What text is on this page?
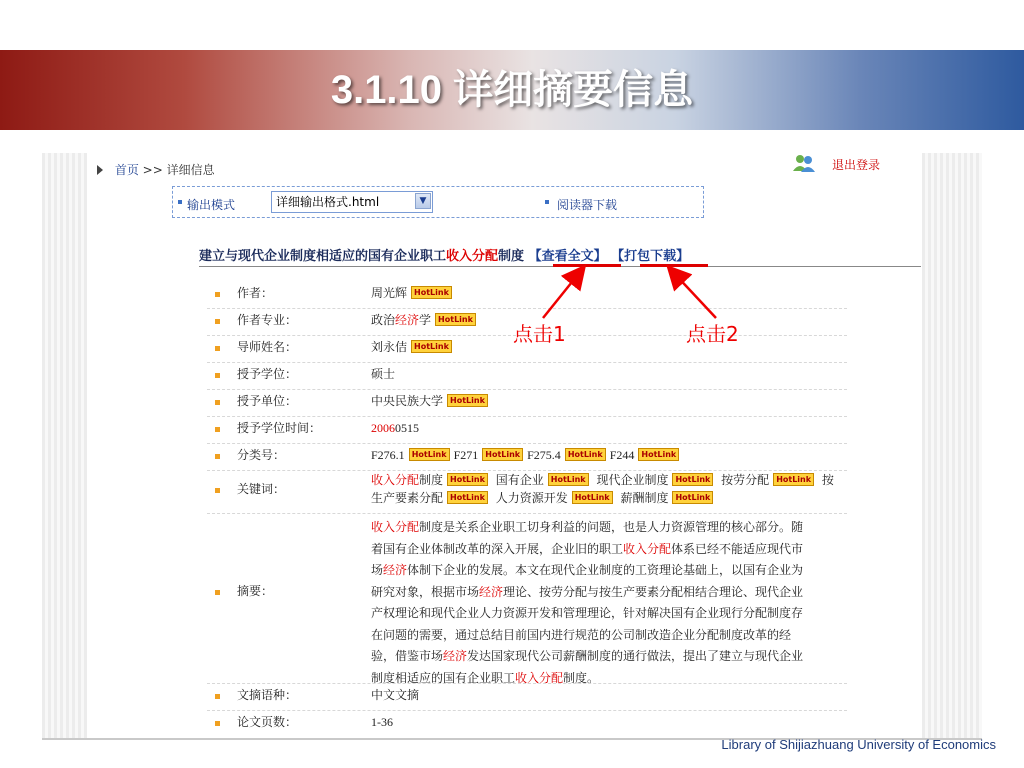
3.1.10 详细摘要信息
首页 >> 详细信息	退出登录
输出模式	详细输出格式.html	▼	阅读器下载
建立与现代企业制度相适应的国有企业职工收入分配制度 【查看全文】 【打包下载】
作者：	周光辉 HotLink
作者专业：	政治经济学 HotLink
导师姓名：	刘永佶 HotLink
授予学位：	硕士
授予单位：	中央民族大学 HotLink
授予学位时间：	20060515
分类号：	F276.1 HotLink F271 HotLink F275.4 HotLink F244 HotLink
关键词：
收入分配制度 HotLink 国有企业 HotLink 现代企业制度 HotLink 按劳分配 HotLink 按
生产要素分配 HotLink 人力资源开发 HotLink 薪酬制度 HotLink
摘要：
收入分配制度是关系企业职工切身利益的问题，也是人力资源管理的核心部分。随
着国有企业体制改革的深入开展，企业旧的职工收入分配体系已经不能适应现代市
场经济体制下企业的发展。本文在现代企业制度的工资理论基础上，以国有企业为
研究对象，根据市场经济理论、按劳分配与按生产要素分配相结合理论、现代企业
产权理论和现代企业人力资源开发和管理理论，针对解决国有企业现行分配制度存
在问题的需要，通过总结目前国内进行规范的公司制改造企业分配制度改革的经
验，借鉴市场经济发达国家现代公司薪酬制度的通行做法，提出了建立与现代企业
制度相适应的国有企业职工收入分配制度。
文摘语种：	中文文摘
论文页数：	1-36
点击1	点击2
Library of Shijiazhuang University of Economics
